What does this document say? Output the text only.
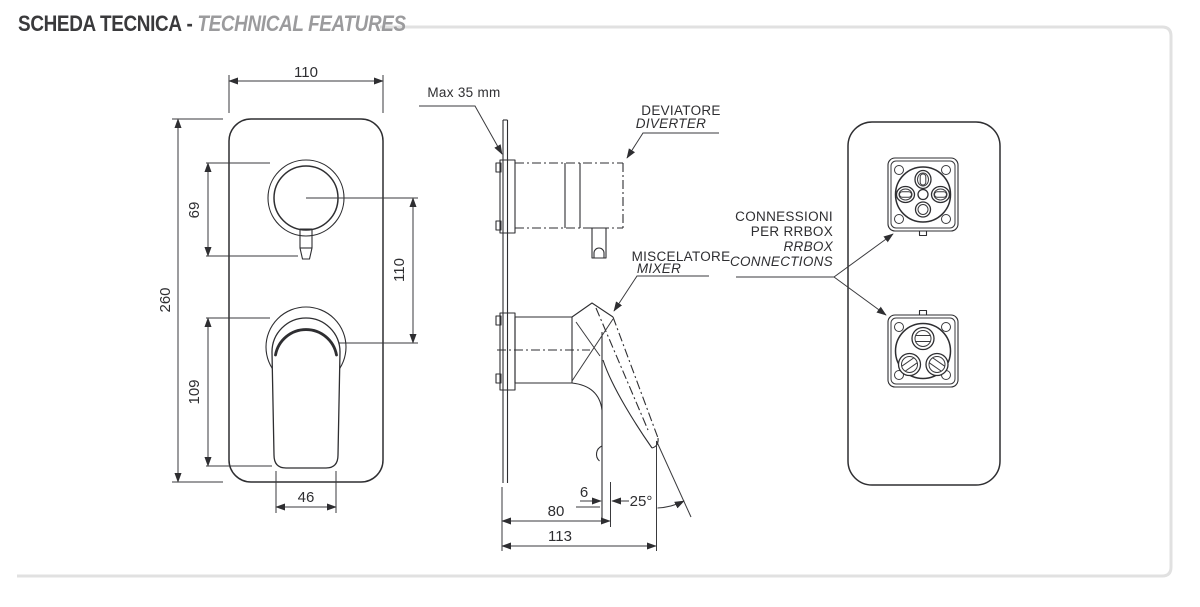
SCHEDA TECNICA - TECHNICAL FEATURES
110
260
69
110
109
46
Max 35 mm
DEVIATORE
DIVERTER
MISCELATORE
MIXER
6
25°
80
113
CONNESSIONI
PER RRBOX
RRBOX
CONNECTIONS
